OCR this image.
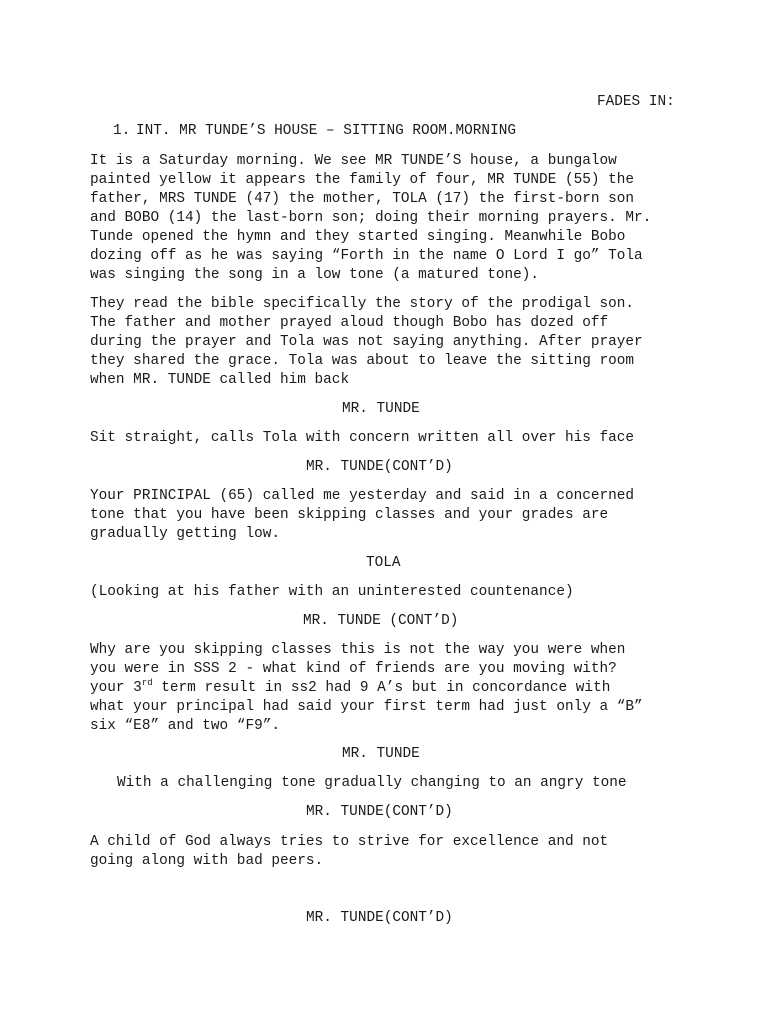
FADES IN:
1. INT. MR TUNDE’S HOUSE – SITTING ROOM.MORNING
It is a Saturday morning. We see MR TUNDE’S house, a bungalow
painted yellow it appears the family of four, MR TUNDE (55) the
father, MRS TUNDE (47) the mother, TOLA (17) the first-born son
and BOBO (14) the last-born son; doing their morning prayers. Mr.
Tunde opened the hymn and they started singing. Meanwhile Bobo
dozing off as he was saying “Forth in the name O Lord I go” Tola
was singing the song in a low tone (a matured tone).
They read the bible specifically the story of the prodigal son.
The father and mother prayed aloud though Bobo has dozed off
during the prayer and Tola was not saying anything. After prayer
they shared the grace. Tola was about to leave the sitting room
when MR. TUNDE called him back
MR. TUNDE
Sit straight, calls Tola with concern written all over his face
MR. TUNDE(CONT’D)
Your PRINCIPAL (65) called me yesterday and said in a concerned
tone that you have been skipping classes and your grades are
gradually getting low.
TOLA
(Looking at his father with an uninterested countenance)
MR. TUNDE (CONT’D)
Why are you skipping classes this is not the way you were when
you were in SSS 2 - what kind of friends are you moving with?
your 3rd term result in ss2 had 9 A’s but in concordance with
what your principal had said your first term had just only a “B”
six “E8” and two “F9”.
MR. TUNDE
With a challenging tone gradually changing to an angry tone
MR. TUNDE(CONT’D)
A child of God always tries to strive for excellence and not
going along with bad peers.
MR. TUNDE(CONT’D)
